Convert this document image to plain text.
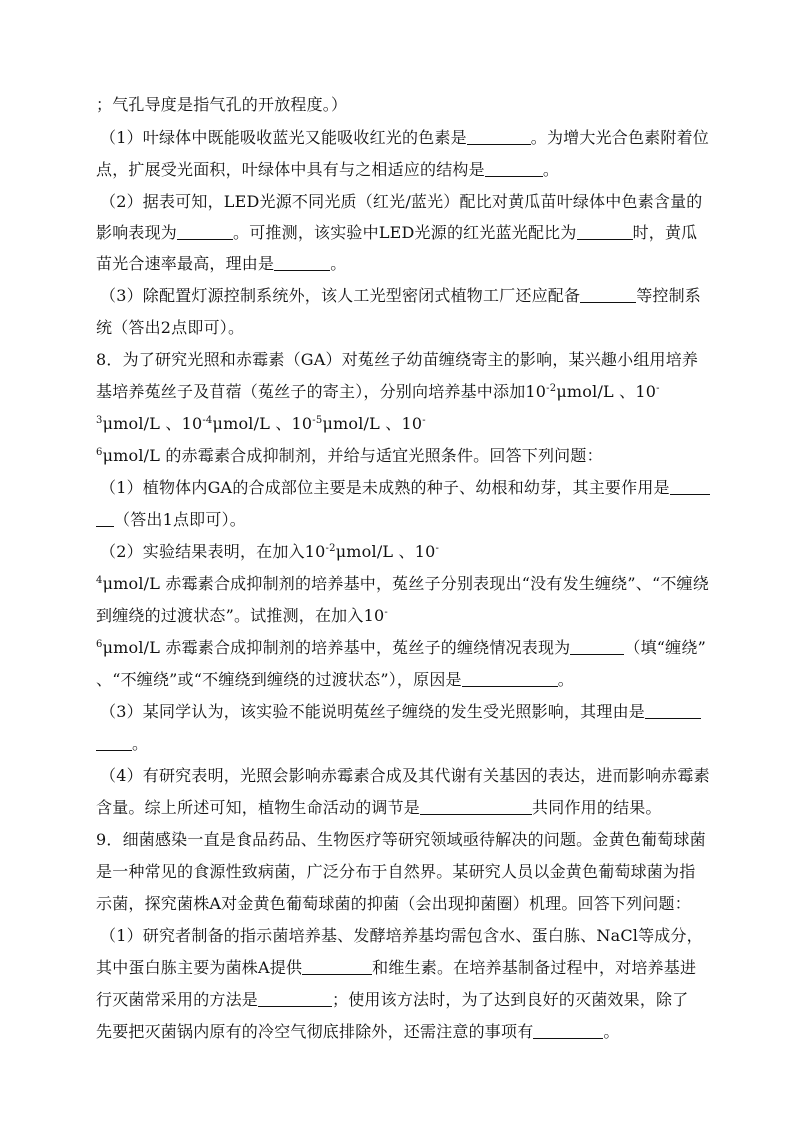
；气孔导度是指气孔的开放程度。）
（1）叶绿体中既能吸收蓝光又能吸收红光的色素是	。为增大光合色素附着位
点，扩展受光面积，叶绿体中具有与之相适应的结构是	。
（2）据表可知，LED光源不同光质（红光/蓝光）配比对黄瓜苗叶绿体中色素含量的
影响表现为	。可推测，该实验中LED光源的红光蓝光配比为	时，黄瓜
苗光合速率最高，理由是	。
（3）除配置灯源控制系统外，该人工光型密闭式植物工厂还应配备	等控制系
统（答出2点即可）。
8．为了研究光照和赤霉素（GA）对菟丝子幼苗缠绕寄主的影响，某兴趣小组用培养
基培养菟丝子及苜蓿（菟丝子的寄主），分别向培养基中添加$10^{-2}\mu mol/L$ 、10-
$^3$μmol/L 、$10^{-4}\mu mol/L$ 、$10^{-5}\mu mol/L$ 、10-
$^6$μmol/L 的赤霉素合成抑制剂，并给与适宜光照条件。回答下列问题：
（1）植物体内GA的合成部位主要是未成熟的种子、幼根和幼芽，其主要作用是
（答出1点即可）。
（2）实验结果表明，在加入$10^{-2}\mu mol/L$ 、10-
$^4$μmol/L 赤霉素合成抑制剂的培养基中，菟丝子分别表现出“没有发生缠绕”、“不缠绕
到缠绕的过渡状态”。试推测，在加入10-
$^6$μmol/L 赤霉素合成抑制剂的培养基中，菟丝子的缠绕情况表现为	（填“缠绕”
、“不缠绕”或“不缠绕到缠绕的过渡状态”），原因是	。
（3）某同学认为，该实验不能说明菟丝子缠绕的发生受光照影响，其理由是
。
（4）有研究表明，光照会影响赤霉素合成及其代谢有关基因的表达，进而影响赤霉素
含量。综上所述可知，植物生命活动的调节是	共同作用的结果。
9．细菌感染一直是食品药品、生物医疗等研究领域亟待解决的问题。金黄色葡萄球菌
是一种常见的食源性致病菌，广泛分布于自然界。某研究人员以金黄色葡萄球菌为指
示菌，探究菌株A对金黄色葡萄球菌的抑菌（会出现抑菌圈）机理。回答下列问题：
（1）研究者制备的指示菌培养基、发酵培养基均需包含水、蛋白胨、NaCl等成分，
其中蛋白胨主要为菌株A提供	和维生素。在培养基制备过程中，对培养基进
行灭菌常采用的方法是	；使用该方法时，为了达到良好的灭菌效果，除了
先要把灭菌锅内原有的冷空气彻底排除外，还需注意的事项有	。
